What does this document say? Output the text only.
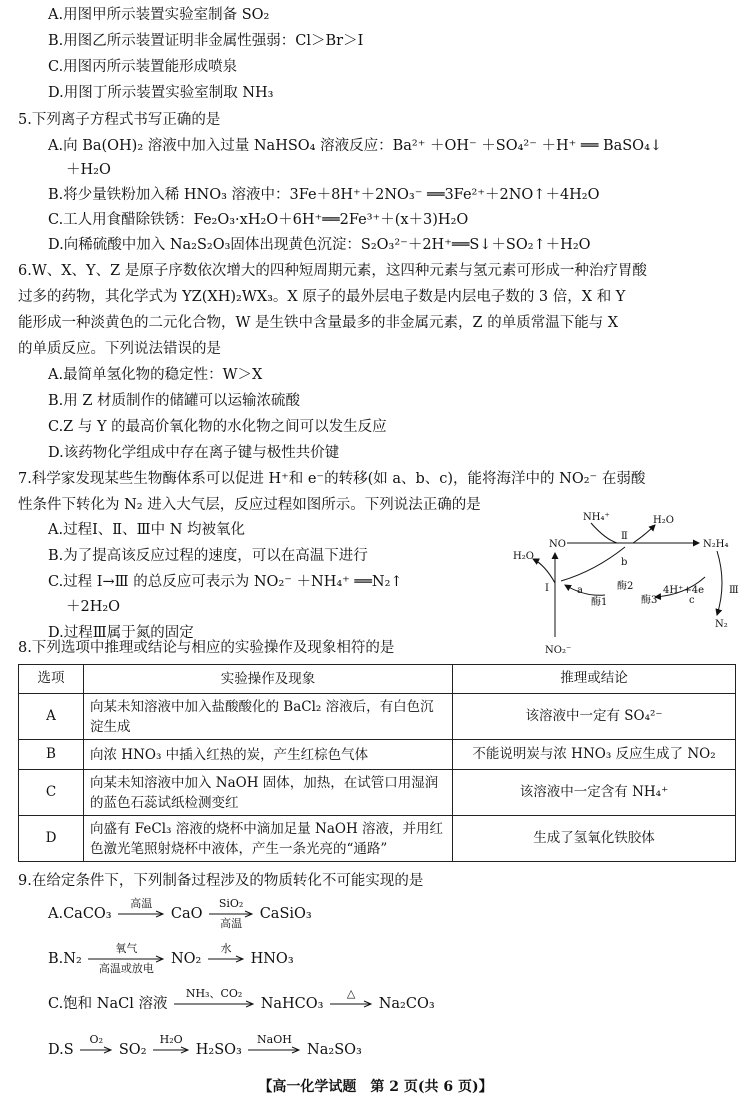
A.用图甲所示装置实验室制备 SO₂
B.用图乙所示装置证明非金属性强弱：Cl＞Br＞I
C.用图丙所示装置能形成喷泉
D.用图丁所示装置实验室制取 NH₃
5.下列离子方程式书写正确的是
A.向 Ba(OH)₂ 溶液中加入过量 NaHSO₄ 溶液反应：Ba²⁺ ＋OH⁻ ＋SO₄²⁻ ＋H⁺ ══ BaSO₄↓
＋H₂O
B.将少量铁粉加入稀 HNO₃ 溶液中：3Fe＋8H⁺＋2NO₃⁻ ══3Fe²⁺＋2NO↑＋4H₂O
C.工人用食醋除铁锈：Fe₂O₃·xH₂O＋6H⁺══2Fe³⁺＋(x＋3)H₂O
D.向稀硫酸中加入 Na₂S₂O₃固体出现黄色沉淀：S₂O₃²⁻＋2H⁺══S↓＋SO₂↑＋H₂O
6.W、X、Y、Z 是原子序数依次增大的四种短周期元素，这四种元素与氢元素可形成一种治疗胃酸
过多的药物，其化学式为 YZ(XH)₂WX₃。X 原子的最外层电子数是内层电子数的 3 倍，X 和 Y
能形成一种淡黄色的二元化合物，W 是生铁中含量最多的非金属元素，Z 的单质常温下能与 X
的单质反应。下列说法错误的是
A.最简单氢化物的稳定性：W＞X
B.用 Z 材质制作的储罐可以运输浓硫酸
C.Z 与 Y 的最高价氧化物的水化物之间可以发生反应
D.该药物化学组成中存在离子键与极性共价键
7.科学家发现某些生物酶体系可以促进 H⁺和 e⁻的转移(如 a、b、c)，能将海洋中的 NO₂⁻ 在弱酸
性条件下转化为 N₂ 进入大气层，反应过程如图所示。下列说法正确的是
A.过程Ⅰ、Ⅱ、Ⅲ中 N 均被氧化
B.为了提高该反应过程的速度，可以在高温下进行
C.过程 Ⅰ→Ⅲ 的总反应可表示为 NO₂⁻ ＋NH₄⁺ ══N₂↑
＋2H₂O
D.过程Ⅲ属于氮的固定
NH₄⁺
Ⅱ
H₂O
NO	N₂H₄
H₂O
Ⅰ
b
酶2	4H⁺+4e Ⅲ
a
酶1	酶3	c
NO₂⁻
N₂
8.下列选项中推理或结论与相应的实验操作及现象相符的是
选项	实验操作及现象	推理或结论
A	向某未知溶液中加入盐酸酸化的 BaCl₂ 溶液后，有白色沉淀生成	该溶液中一定有 SO₄²⁻
B	向浓 HNO₃ 中插入红热的炭，产生红棕色气体	不能说明炭与浓 HNO₃ 反应生成了 NO₂
C	向某未知溶液中加入 NaOH 固体，加热，在试管口用湿润的蓝色石蕊试纸检测变红	该溶液中一定含有 NH₄⁺
D	向盛有 FeCl₃ 溶液的烧杯中滴加足量 NaOH 溶液，并用红色激光笔照射烧杯中液体，产生一条光亮的“通路”	生成了氢氧化铁胶体
9.在给定条件下，下列制备过程涉及的物质转化不可能实现的是
A.CaCO₃
高温
CaO
SiO₂
高温
CaSiO₃
B.N₂
氧气
高温或放电
NO₂
水
HNO₃
C.饱和 NaCl 溶液
NH₃、CO₂
NaHCO₃
△
Na₂CO₃
D.S
O₂
SO₂
H₂O
H₂SO₃
NaOH
Na₂SO₃
【高一化学试题　第 2 页(共 6 页)】
